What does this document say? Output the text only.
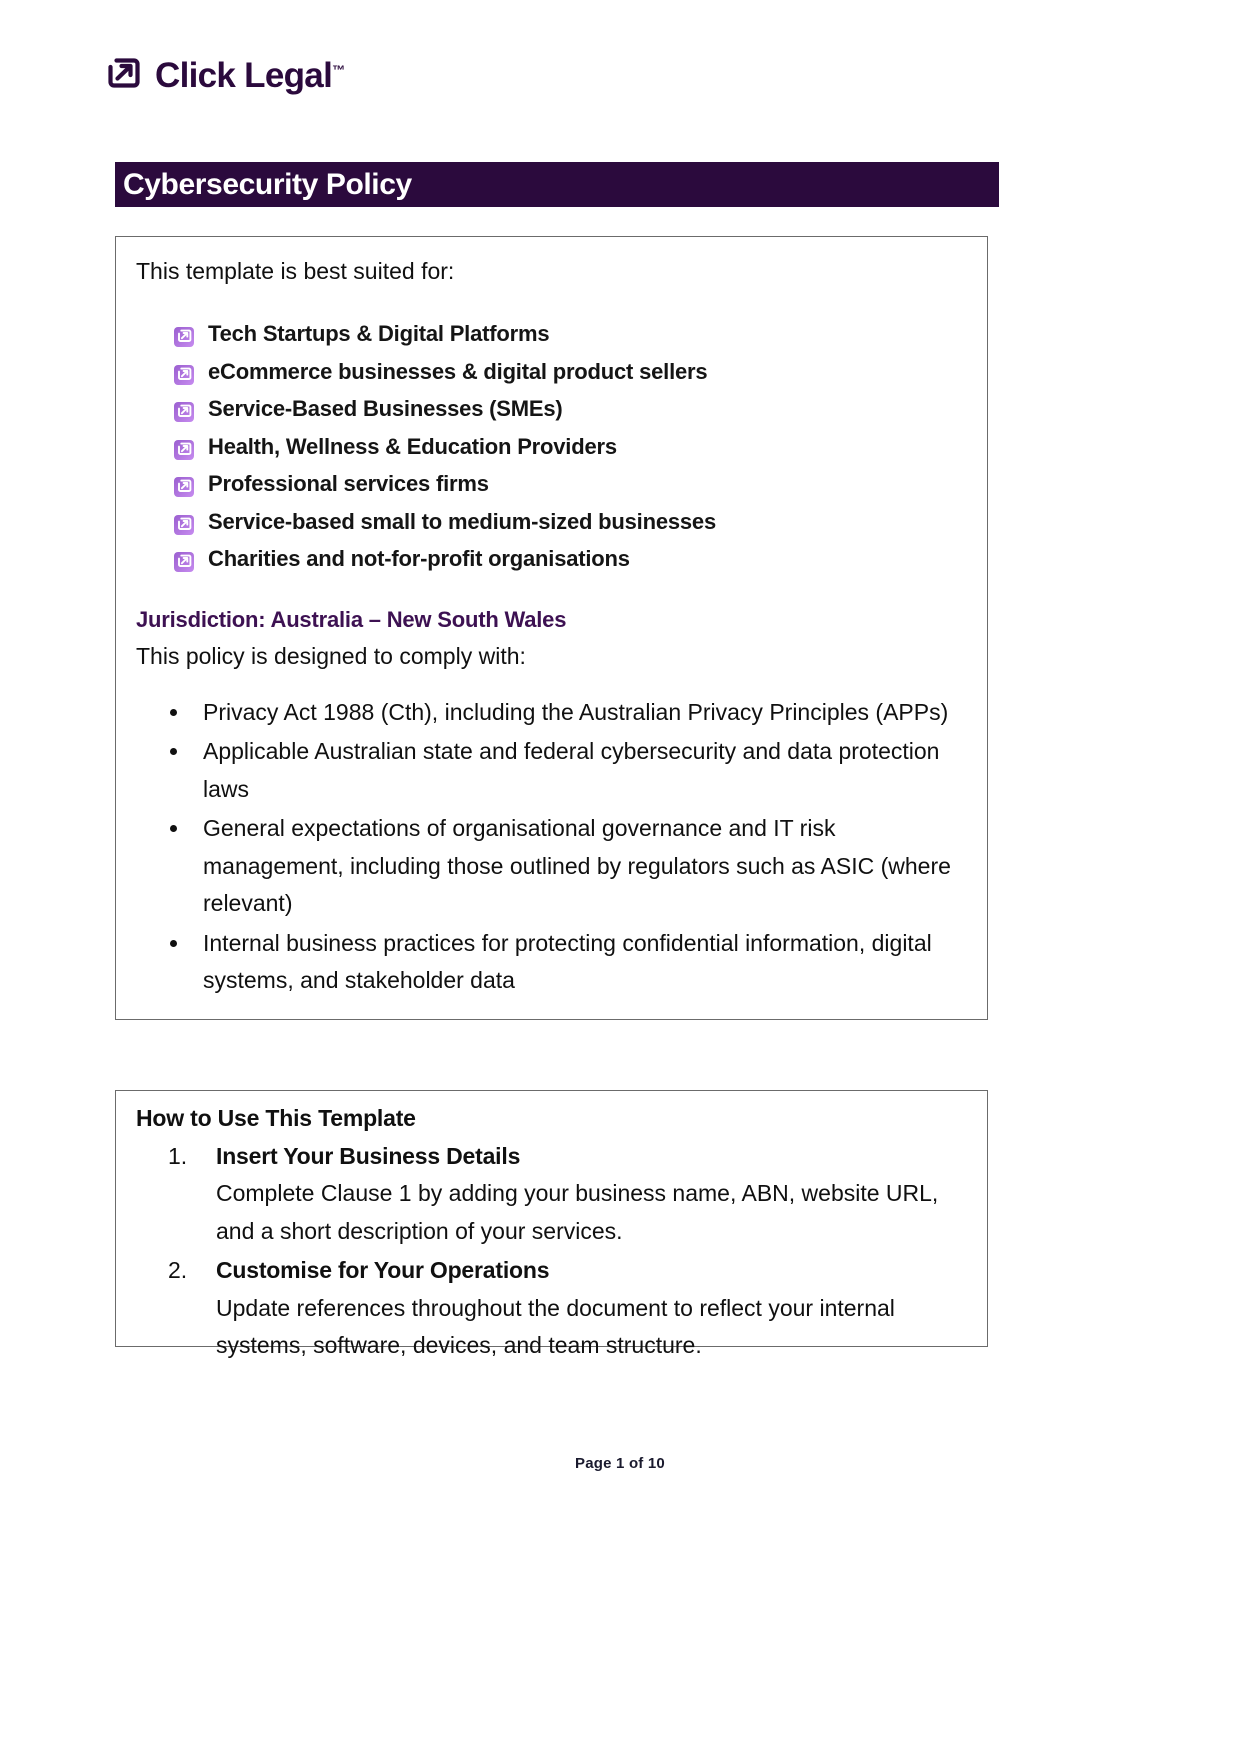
Click Legal™
Cybersecurity Policy
This template is best suited for:
Tech Startups & Digital Platforms
eCommerce businesses & digital product sellers
Service-Based Businesses (SMEs)
Health, Wellness & Education Providers
Professional services firms
Service-based small to medium-sized businesses
Charities and not-for-profit organisations
Jurisdiction: Australia – New South Wales
This policy is designed to comply with:
Privacy Act 1988 (Cth), including the Australian Privacy Principles (APPs)
Applicable Australian state and federal cybersecurity and data protection laws
General expectations of organisational governance and IT risk management, including those outlined by regulators such as ASIC (where relevant)
Internal business practices for protecting confidential information, digital systems, and stakeholder data
How to Use This Template
Insert Your Business Details
Complete Clause 1 by adding your business name, ABN, website URL, and a short description of your services.
Customise for Your Operations
Update references throughout the document to reflect your internal systems, software, devices, and team structure.
Page 1 of 10
